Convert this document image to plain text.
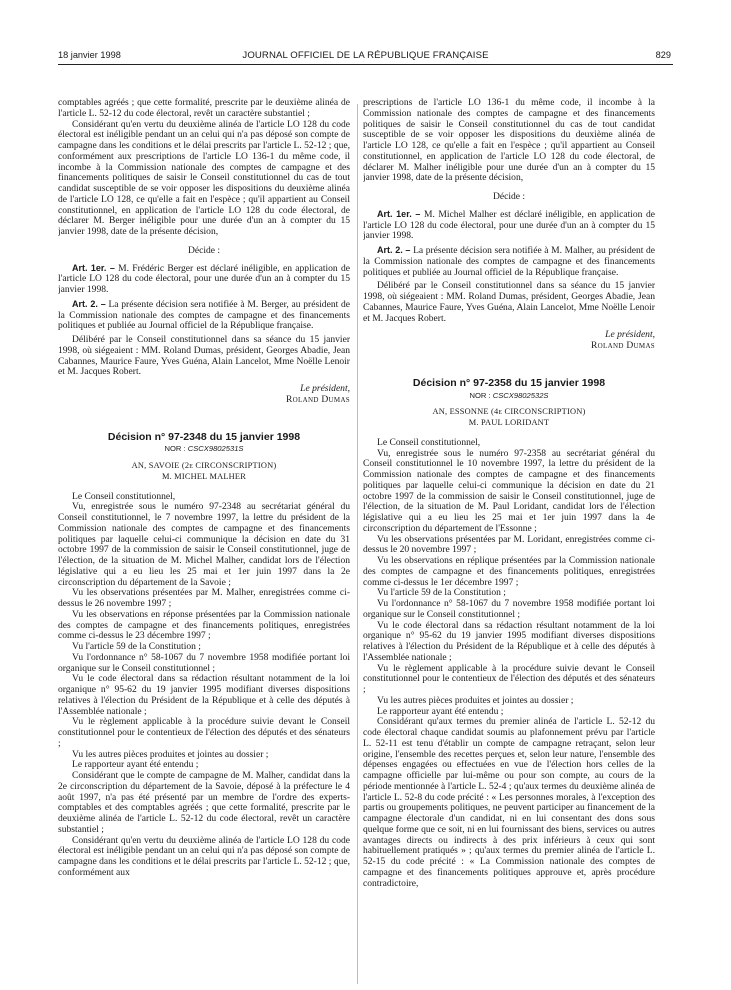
18 janvier 1998	JOURNAL OFFICIEL DE LA RÉPUBLIQUE FRANÇAISE	829

comptables agréés ; que cette formalité, prescrite par le deuxième alinéa de l'article L. 52-12 du code électoral, revêt un caractère substantiel ;

Considérant qu'en vertu du deuxième alinéa de l'article LO 128 du code électoral est inéligible pendant un an celui qui n'a pas déposé son compte de campagne dans les conditions et le délai prescrits par l'article L. 52-12 ; que, conformément aux prescriptions de l'article LO 136-1 du même code, il incombe à la Commission nationale des comptes de campagne et des financements politiques de saisir le Conseil constitutionnel du cas de tout candidat susceptible de se voir opposer les dispositions du deuxième alinéa de l'article LO 128, ce qu'elle a fait en l'espèce ; qu'il appartient au Conseil constitutionnel, en application de l'article LO 128 du code électoral, de déclarer M. Berger inéligible pour une durée d'un an à compter du 15 janvier 1998, date de la présente décision,

Décide :

Art. 1er. – M. Frédéric Berger est déclaré inéligible, en application de l'article LO 128 du code électoral, pour une durée d'un an à compter du 15 janvier 1998.

Art. 2. – La présente décision sera notifiée à M. Berger, au président de la Commission nationale des comptes de campagne et des financements politiques et publiée au Journal officiel de la République française.

Délibéré par le Conseil constitutionnel dans sa séance du 15 janvier 1998, où siégeaient : MM. Roland Dumas, président, Georges Abadie, Jean Cabannes, Maurice Faure, Yves Guéna, Alain Lancelot, Mme Noëlle Lenoir et M. Jacques Robert.

Le président,

Roland Dumas

Décision n° 97-2348 du 15 janvier 1998

NOR : CSCX9802531S

AN, SAVOIE (2e CIRCONSCRIPTION)

M. MICHEL MALHER

Le Conseil constitutionnel,

Vu, enregistrée sous le numéro 97-2348 au secrétariat général du Conseil constitutionnel, le 7 novembre 1997, la lettre du président de la Commission nationale des comptes de campagne et des financements politiques par laquelle celui-ci communique la décision en date du 31 octobre 1997 de la commission de saisir le Conseil constitutionnel, juge de l'élection, de la situation de M. Michel Malher, candidat lors de l'élection législative qui a eu lieu les 25 mai et 1er juin 1997 dans la 2e circonscription du département de la Savoie ;

Vu les observations présentées par M. Malher, enregistrées comme ci-dessus le 26 novembre 1997 ;

Vu les observations en réponse présentées par la Commission nationale des comptes de campagne et des financements politiques, enregistrées comme ci-dessus le 23 décembre 1997 ;

Vu l'article 59 de la Constitution ;

Vu l'ordonnance n° 58-1067 du 7 novembre 1958 modifiée portant loi organique sur le Conseil constitutionnel ;

Vu le code électoral dans sa rédaction résultant notamment de la loi organique n° 95-62 du 19 janvier 1995 modifiant diverses dispositions relatives à l'élection du Président de la République et à celle des députés à l'Assemblée nationale ;

Vu le règlement applicable à la procédure suivie devant le Conseil constitutionnel pour le contentieux de l'élection des députés et des sénateurs ;

Vu les autres pièces produites et jointes au dossier ;

Le rapporteur ayant été entendu ;

Considérant que le compte de campagne de M. Malher, candidat dans la 2e circonscription du département de la Savoie, déposé à la préfecture le 4 août 1997, n'a pas été présenté par un membre de l'ordre des experts-comptables et des comptables agréés ; que cette formalité, prescrite par le deuxième alinéa de l'article L. 52-12 du code électoral, revêt un caractère substantiel ;

Considérant qu'en vertu du deuxième alinéa de l'article LO 128 du code électoral est inéligible pendant un an celui qui n'a pas déposé son compte de campagne dans les conditions et le délai prescrits par l'article L. 52-12 ; que, conformément aux

prescriptions de l'article LO 136-1 du même code, il incombe à la Commission nationale des comptes de campagne et des financements politiques de saisir le Conseil constitutionnel du cas de tout candidat susceptible de se voir opposer les dispositions du deuxième alinéa de l'article LO 128, ce qu'elle a fait en l'espèce ; qu'il appartient au Conseil constitutionnel, en application de l'article LO 128 du code électoral, de déclarer M. Malher inéligible pour une durée d'un an à compter du 15 janvier 1998, date de la présente décision,

Décide :

Art. 1er. – M. Michel Malher est déclaré inéligible, en application de l'article LO 128 du code électoral, pour une durée d'un an à compter du 15 janvier 1998.

Art. 2. – La présente décision sera notifiée à M. Malher, au président de la Commission nationale des comptes de campagne et des financements politiques et publiée au Journal officiel de la République française.

Délibéré par le Conseil constitutionnel dans sa séance du 15 janvier 1998, où siégeaient : MM. Roland Dumas, président, Georges Abadie, Jean Cabannes, Maurice Faure, Yves Guéna, Alain Lancelot, Mme Noëlle Lenoir et M. Jacques Robert.

Le président,

Roland Dumas

Décision n° 97-2358 du 15 janvier 1998

NOR : CSCX9802532S

AN, ESSONNE (4e CIRCONSCRIPTION)

M. PAUL LORIDANT

Le Conseil constitutionnel,

Vu, enregistrée sous le numéro 97-2358 au secrétariat général du Conseil constitutionnel le 10 novembre 1997, la lettre du président de la Commission nationale des comptes de campagne et des financements politiques par laquelle celui-ci communique la décision en date du 21 octobre 1997 de la commission de saisir le Conseil constitutionnel, juge de l'élection, de la situation de M. Paul Loridant, candidat lors de l'élection législative qui a eu lieu les 25 mai et 1er juin 1997 dans la 4e circonscription du département de l'Essonne ;

Vu les observations présentées par M. Loridant, enregistrées comme ci-dessus le 20 novembre 1997 ;

Vu les observations en réplique présentées par la Commission nationale des comptes de campagne et des financements politiques, enregistrées comme ci-dessus le 1er décembre 1997 ;

Vu l'article 59 de la Constitution ;

Vu l'ordonnance n° 58-1067 du 7 novembre 1958 modifiée portant loi organique sur le Conseil constitutionnel ;

Vu le code électoral dans sa rédaction résultant notamment de la loi organique n° 95-62 du 19 janvier 1995 modifiant diverses dispositions relatives à l'élection du Président de la République et à celle des députés à l'Assemblée nationale ;

Vu le règlement applicable à la procédure suivie devant le Conseil constitutionnel pour le contentieux de l'élection des députés et des sénateurs ;

Vu les autres pièces produites et jointes au dossier ;

Le rapporteur ayant été entendu ;

Considérant qu'aux termes du premier alinéa de l'article L. 52-12 du code électoral chaque candidat soumis au plafonnement prévu par l'article L. 52-11 est tenu d'établir un compte de campagne retraçant, selon leur origine, l'ensemble des recettes perçues et, selon leur nature, l'ensemble des dépenses engagées ou effectuées en vue de l'élection hors celles de la campagne officielle par lui-même ou pour son compte, au cours de la période mentionnée à l'article L. 52-4 ; qu'aux termes du deuxième alinéa de l'article L. 52-8 du code précité : « Les personnes morales, à l'exception des partis ou groupements politiques, ne peuvent participer au financement de la campagne électorale d'un candidat, ni en lui consentant des dons sous quelque forme que ce soit, ni en lui fournissant des biens, services ou autres avantages directs ou indirects à des prix inférieurs à ceux qui sont habituellement pratiqués » ; qu'aux termes du premier alinéa de l'article L. 52-15 du code précité : « La Commission nationale des comptes de campagne et des financements politiques approuve et, après procédure contradictoire,
